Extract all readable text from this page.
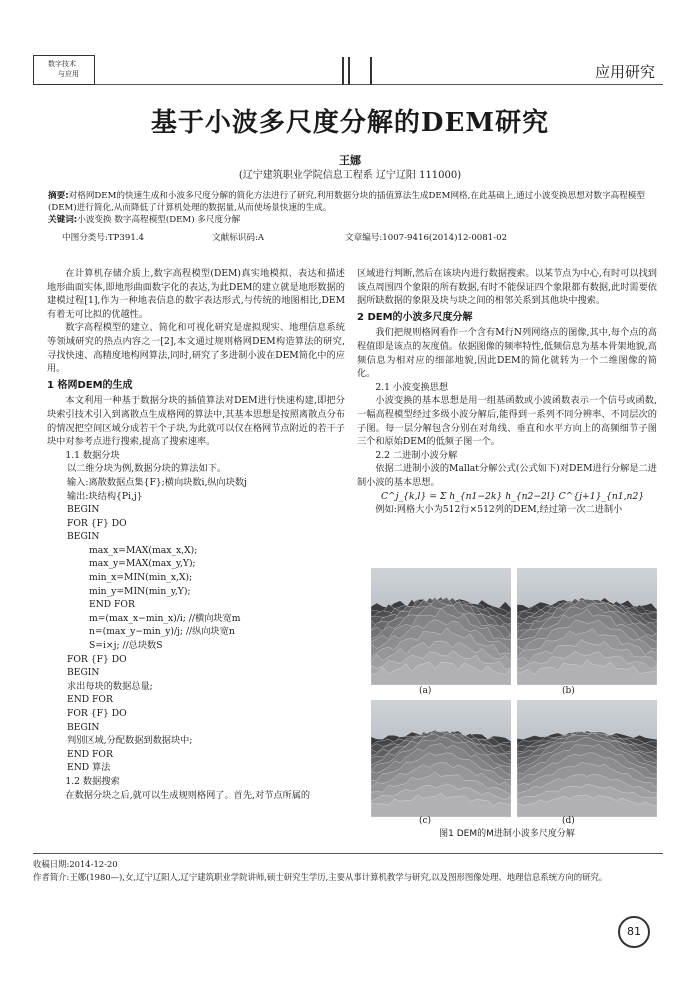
数字技术
与应用	应用研究
基于小波多尺度分解的DEM研究
王娜
(辽宁建筑职业学院信息工程系 辽宁辽阳 111000)
摘要:对格网DEM的快速生成和小波多尺度分解的简化方法进行了研究,利用数据分块的插值算法生成DEM网格,在此基础上,通过小波变换思想对数字高程模型(DEM)进行简化,从而降低了计算机处理的数据量,从而使场景快速的生成。
关键词:小波变换 数字高程模型(DEM) 多尺度分解
中图分类号:TP391.4	文献标识码:A	文章编号:1007-9416(2014)12-0081-02

在计算机存储介质上,数字高程模型(DEM)真实地模拟、表达和描述地形曲面实体,即地形曲面数字化的表达,为此DEM的建立就是地形数据的建模过程[1],作为一种地表信息的数字表达形式,与传统的地图相比,DEM有着无可比拟的优越性。

数字高程模型的建立、简化和可视化研究是虚拟现实、地理信息系统等领域研究的热点内容之一[2],本文通过规则格网DEM构造算法的研究,寻找快速、高精度地构网算法,同时,研究了多进制小波在DEM简化中的应用。

1 格网DEM的生成

本文利用一种基于数据分块的插值算法对DEM进行快速构建,即把分块索引技术引入到离散点生成格网的算法中,其基本思想是按照离散点分布的情况把空间区域分成若干个子块,为此就可以仅在格网节点附近的若干子块中对参考点进行搜索,提高了搜索速率。

1.1 数据分块
以二维分块为例,数据分块的算法如下。
输入:离散数据点集{F};横向块数i,纵向块数j
输出:块结构{Pi,j}
BEGIN
FOR {F} DO
BEGIN
max_x=MAX(max_x,X);
max_y=MAX(max_y,Y);
min_x=MIN(min_x,X);
min_y=MIN(min_y,Y);
END FOR
m=(max_x−min_x)/i; //横向块宽m
n=(max_y−min_y)/j; //纵向块宽n
S=i×j; //总块数S
FOR {F} DO
BEGIN
求出每块的数据总量;
END FOR
FOR {F} DO
BEGIN
判别区域,分配数据到数据块中;
END FOR
END 算法
1.2 数据搜索

在数据分块之后,就可以生成规则格网了。首先,对节点所属的

区域进行判断,然后在该块内进行数据搜索。以某节点为中心,有时可以找到该点周围四个象限的所有数据,有时不能保证四个象限都有数据,此时需要依据所缺数据的象限及块与块之间的相邻关系到其他块中搜索。

2 DEM的小波多尺度分解

我们把规则格网看作一个含有M行N列网络点的图像,其中,每个点的高程值即是该点的灰度值。依据图像的频率特性,低频信息为基本骨架地貌,高频信息为相对应的细部地貌,因此DEM的简化就转为一个二维图像的简化。

2.1 小波变换思想

小波变换的基本思想是用一组基函数或小波函数表示一个信号或函数,一幅高程模型经过多级小波分解后,能得到一系列不同分辨率、不同层次的子图。每一层分解包含分别在对角线、垂直和水平方向上的高频细节子图三个和原始DEM的低频子图一个。

2.2 二进制小波分解

依据二进制小波的Mallat分解公式(公式如下)对DEM进行分解是二进制小波的基本思想。

C^j_{k,l} = Σ h_{n1−2k} h_{n2−2l} C^{j+1}_{n1,n2}

例如:网格大小为512行×512列的DEM,经过第一次二进制小

(a)	(b)
(c)	(d)
图1 DEM的M进制小波多尺度分解
收稿日期:2014-12-20
作者简介:王娜(1980—),女,辽宁辽阳人,辽宁建筑职业学院讲师,硕士研究生学历,主要从事计算机教学与研究,以及图形图像处理、地理信息系统方向的研究。
81
